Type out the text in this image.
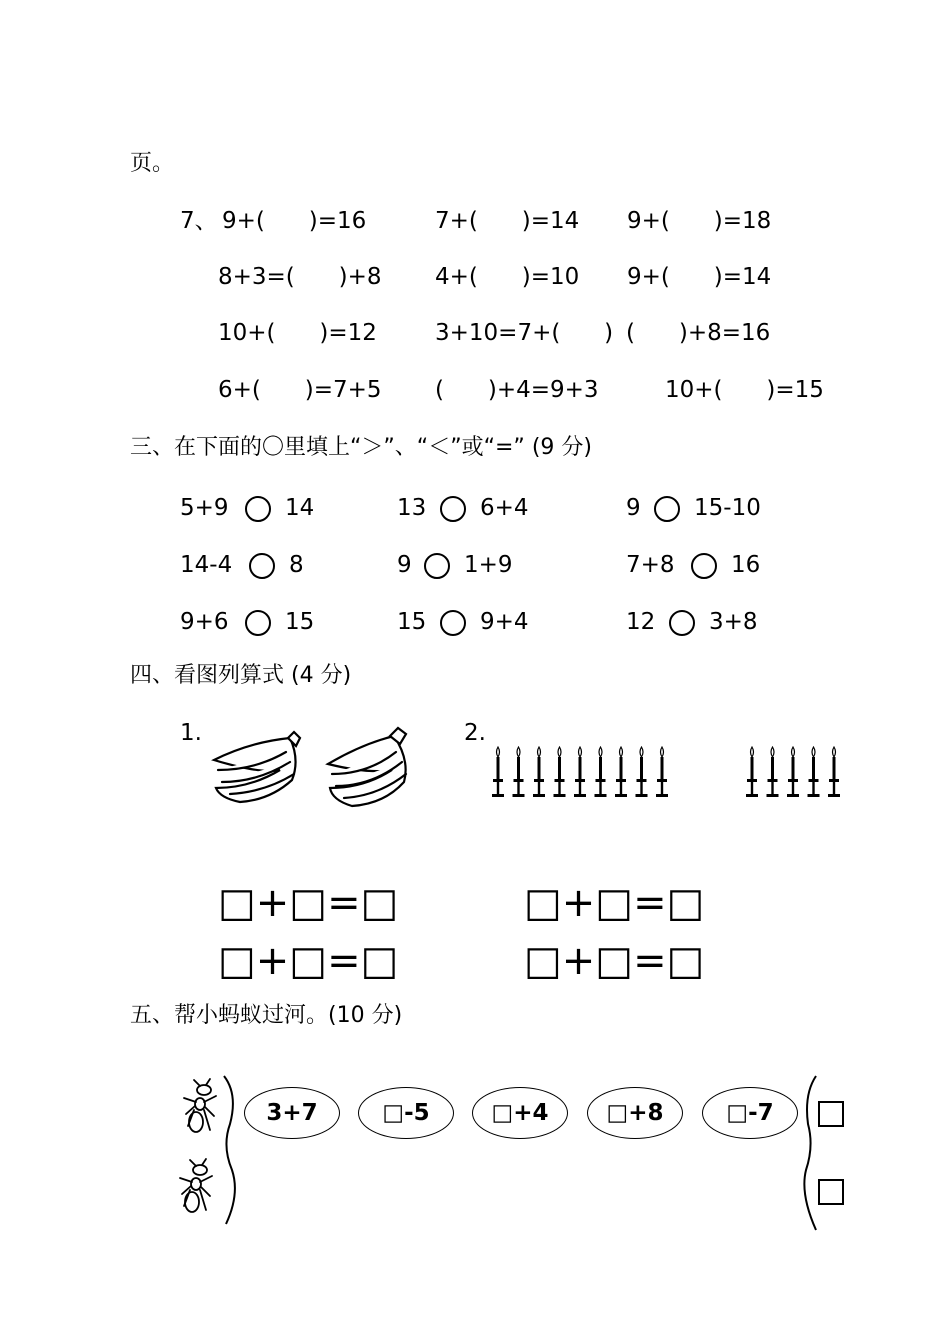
页。
7、 9+(      )=16	7+(      )=14 9+(      )=18
8+3=(      )+8 4+(      )=10 9+(      )=14
10+(      )=12	3+10=7+(      ) (      )+8=16
6+(      )=7+5 (      )+4=9+3	10+(      )=15
三、在下面的〇里填上“＞”、“＜”或“=” (9 分)
5+9 14	13 6+4	9 15-10
14-4 8	9 1+9	7+8 16
9+6 15	15 9+4	12 3+8
四、看图列算式 (4 分)
1.	2.
□+□=□	□+□=□
□+□=□	□+□=□
五、帮小蚂蚁过河。(10 分)
3+7	□-5	□+4	□+8	□-7
